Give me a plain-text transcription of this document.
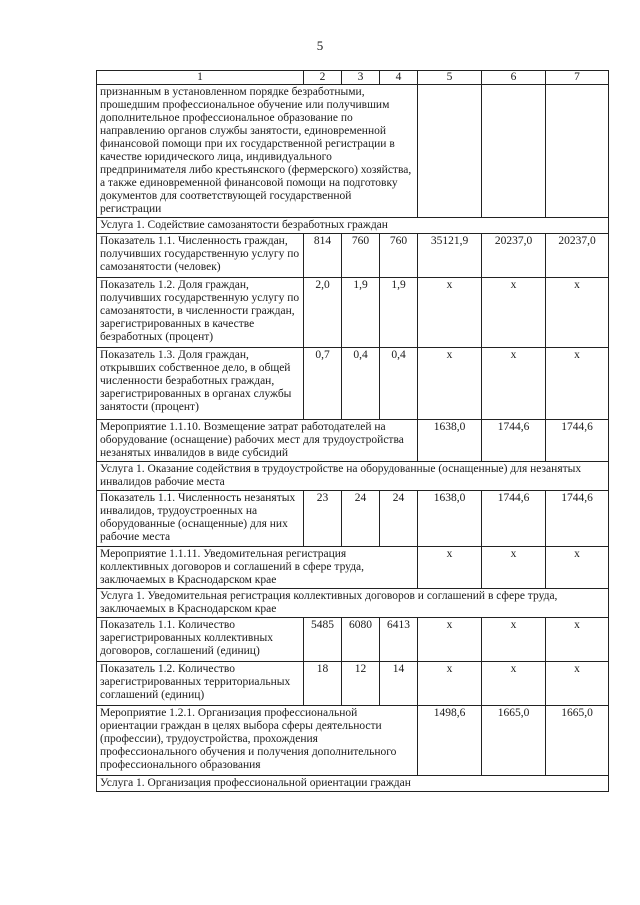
5
1	2	3	4	5	6	7
признанным в установленном порядке безработными, прошедшим профессиональное обучение или получившим дополнительное профессиональное образование по направлению органов службы занятости, единовременной финансовой помощи при их государственной регистрации в качестве юридического лица, индивидуального предпринимателя либо крестьянского (фермерского) хозяйства, а также единовременной финансовой помощи на подготовку документов для соответствующей государственной регистрации						
Услуга 1. Содействие самозанятости безработных граждан						
Показатель 1.1. Численность граждан, получивших государственную услугу по самозанятости (человек)	814	760	760	35121,9	20237,0	20237,0
Показатель 1.2. Доля граждан, получивших государственную услугу по самозанятости, в численности граждан, зарегистрированных в качестве безработных (процент)	2,0	1,9	1,9	х	х	х
Показатель 1.3. Доля граждан, открывших собственное дело, в общей численности безработных граждан, зарегистрированных в органах службы занятости (процент)	0,7	0,4	0,4	х	х	х
Мероприятие 1.1.10. Возмещение затрат работодателей на оборудование (оснащение) рабочих мест для трудоустройства незанятых инвалидов в виде субсидий				1638,0	1744,6	1744,6
Услуга 1. Оказание содействия в трудоустройстве на оборудованные (оснащенные) для незанятых инвалидов рабочие места						
Показатель 1.1. Численность незанятых инвалидов, трудоустроенных на оборудованные (оснащенные) для них рабочие места	23	24	24	1638,0	1744,6	1744,6
Мероприятие 1.1.11. Уведомительная регистрация коллективных договоров и соглашений в сфере труда, заключаемых в Краснодарском крае				х	х	х
Услуга 1. Уведомительная регистрация коллективных договоров и соглашений в сфере труда, заключаемых в Краснодарском крае						
Показатель 1.1. Количество зарегистрированных коллективных договоров, соглашений (единиц)	5485	6080	6413	х	х	х
Показатель 1.2. Количество зарегистрированных территориальных соглашений (единиц)	18	12	14	х	х	х
Мероприятие 1.2.1. Организация профессиональной ориентации граждан в целях выбора сферы деятельности (профессии), трудоустройства, прохождения профессионального обучения и получения дополнительного профессионального образования				1498,6	1665,0	1665,0
Услуга 1. Организация профессиональной ориентации граждан						
